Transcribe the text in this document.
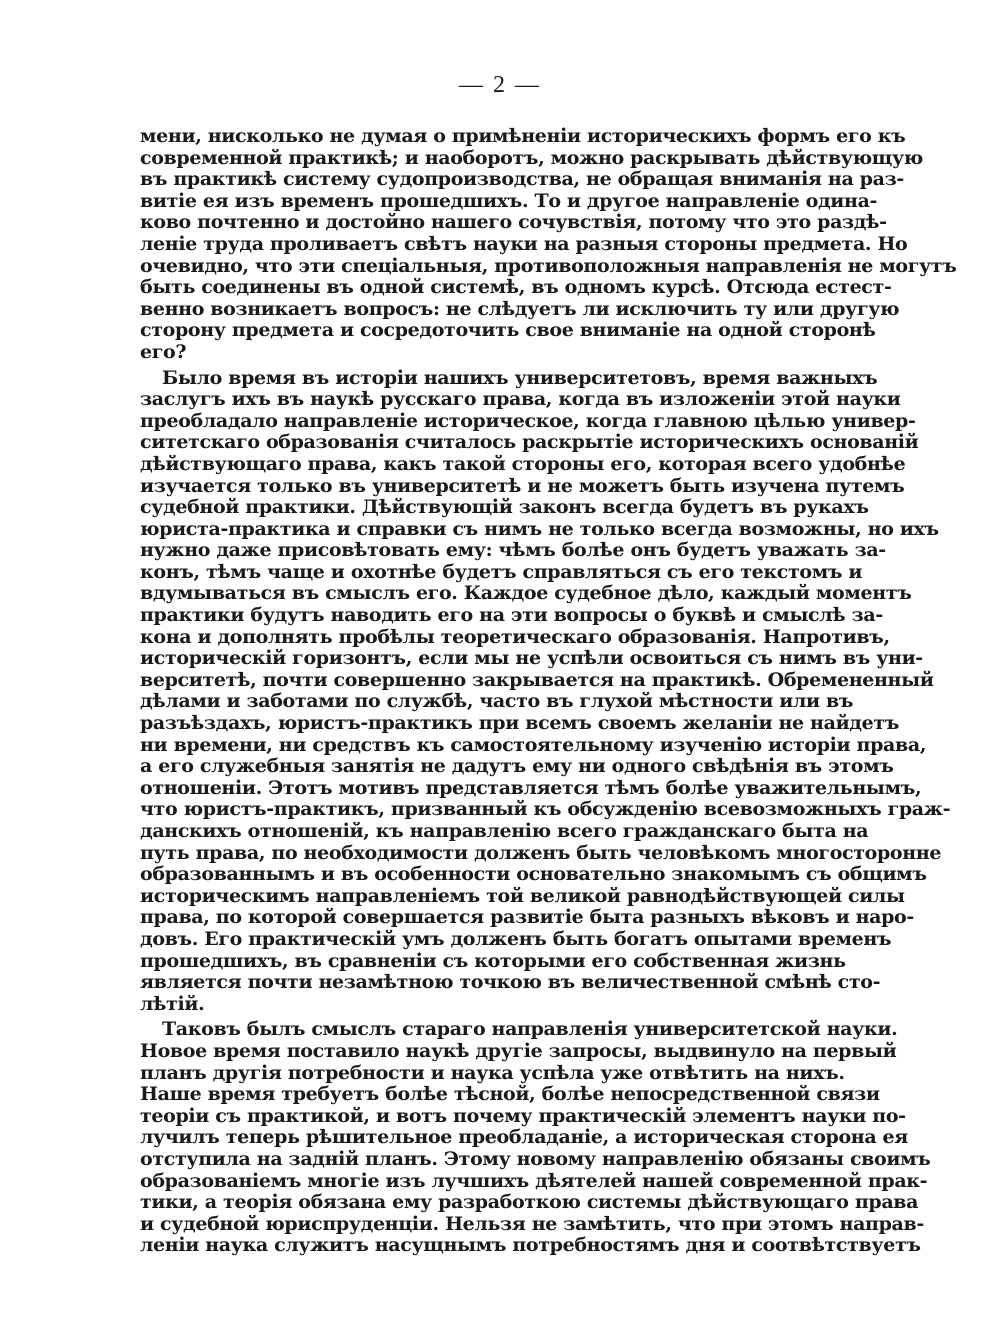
— 2 —
мени, нисколько не думая о примѣненіи историческихъ формъ его къ
современной практикѣ; и наоборотъ, можно раскрывать дѣйствующую
въ практикѣ систему судопроизводства, не обращая вниманія на раз-
витіе ея изъ временъ прошедшихъ. То и другое направленіе одина-
ково почтенно и достойно нашего сочувствія, потому что это раздѣ-
леніе труда проливаетъ свѣтъ науки на разныя стороны предмета. Но
очевидно, что эти спеціальныя, противоположныя направленія не могутъ
быть соединены въ одной системѣ, въ одномъ курсѣ. Отсюда естест-
венно возникаетъ вопросъ: не слѣдуетъ ли исключить ту или другую
сторону предмета и сосредоточить свое вниманіе на одной сторонѣ
его?
Было время въ исторіи нашихъ университетовъ, время важныхъ
заслугъ ихъ въ наукѣ русскаго права, когда въ изложеніи этой науки
преобладало направленіе историческое, когда главною цѣлью универ-
ситетскаго образованія считалось раскрытіе историческихъ основаній
дѣйствующаго права, какъ такой стороны его, которая всего удобнѣе
изучается только въ университетѣ и не можетъ быть изучена путемъ
судебной практики. Дѣйствующій законъ всегда будетъ въ рукахъ
юриста-практика и справки съ нимъ не только всегда возможны, но ихъ
нужно даже присовѣтовать ему: чѣмъ болѣе онъ будетъ уважать за-
конъ, тѣмъ чаще и охотнѣе будетъ справляться съ его текстомъ и
вдумываться въ смыслъ его. Каждое судебное дѣло, каждый моментъ
практики будутъ наводить его на эти вопросы о буквѣ и смыслѣ за-
кона и дополнять пробѣлы теоретическаго образованія. Напротивъ,
историческій горизонтъ, если мы не успѣли освоиться съ нимъ въ уни-
верситетѣ, почти совершенно закрывается на практикѣ. Обремененный
дѣлами и заботами по службѣ, часто въ глухой мѣстности или въ
разъѣздахъ, юристъ-практикъ при всемъ своемъ желаніи не найдетъ
ни времени, ни средствъ къ самостоятельному изученію исторіи права,
а его служебныя занятія не дадутъ ему ни одного свѣдѣнія въ этомъ
отношеніи. Этотъ мотивъ представляется тѣмъ болѣе уважительнымъ,
что юристъ-практикъ, призванный къ обсужденію всевозможныхъ граж-
данскихъ отношеній, къ направленію всего гражданскаго быта на
путь права, по необходимости долженъ быть человѣкомъ многосторонне
образованнымъ и въ особенности основательно знакомымъ съ общимъ
историческимъ направленіемъ той великой равнодѣйствующей силы
права, по которой совершается развитіе быта разныхъ вѣковъ и наро-
довъ. Его практическій умъ долженъ быть богатъ опытами временъ
прошедшихъ, въ сравненіи съ которыми его собственная жизнь
является почти незамѣтною точкою въ величественной смѣнѣ сто-
лѣтій.
Таковъ былъ смыслъ стараго направленія университетской науки.
Новое время поставило наукѣ другіе запросы, выдвинуло на первый
планъ другія потребности и наука успѣла уже отвѣтить на нихъ.
Наше время требуетъ болѣе тѣсной, болѣе непосредственной связи
теоріи съ практикой, и вотъ почему практическій элементъ науки по-
лучилъ теперь рѣшительное преобладаніе, а историческая сторона ея
отступила на задній планъ. Этому новому направленію обязаны своимъ
образованіемъ многіе изъ лучшихъ дѣятелей нашей современной прак-
тики, а теорія обязана ему разработкою системы дѣйствующаго права
и судебной юриспруденціи. Нельзя не замѣтить, что при этомъ направ-
леніи наука служитъ насущнымъ потребностямъ дня и соотвѣтствуетъ
